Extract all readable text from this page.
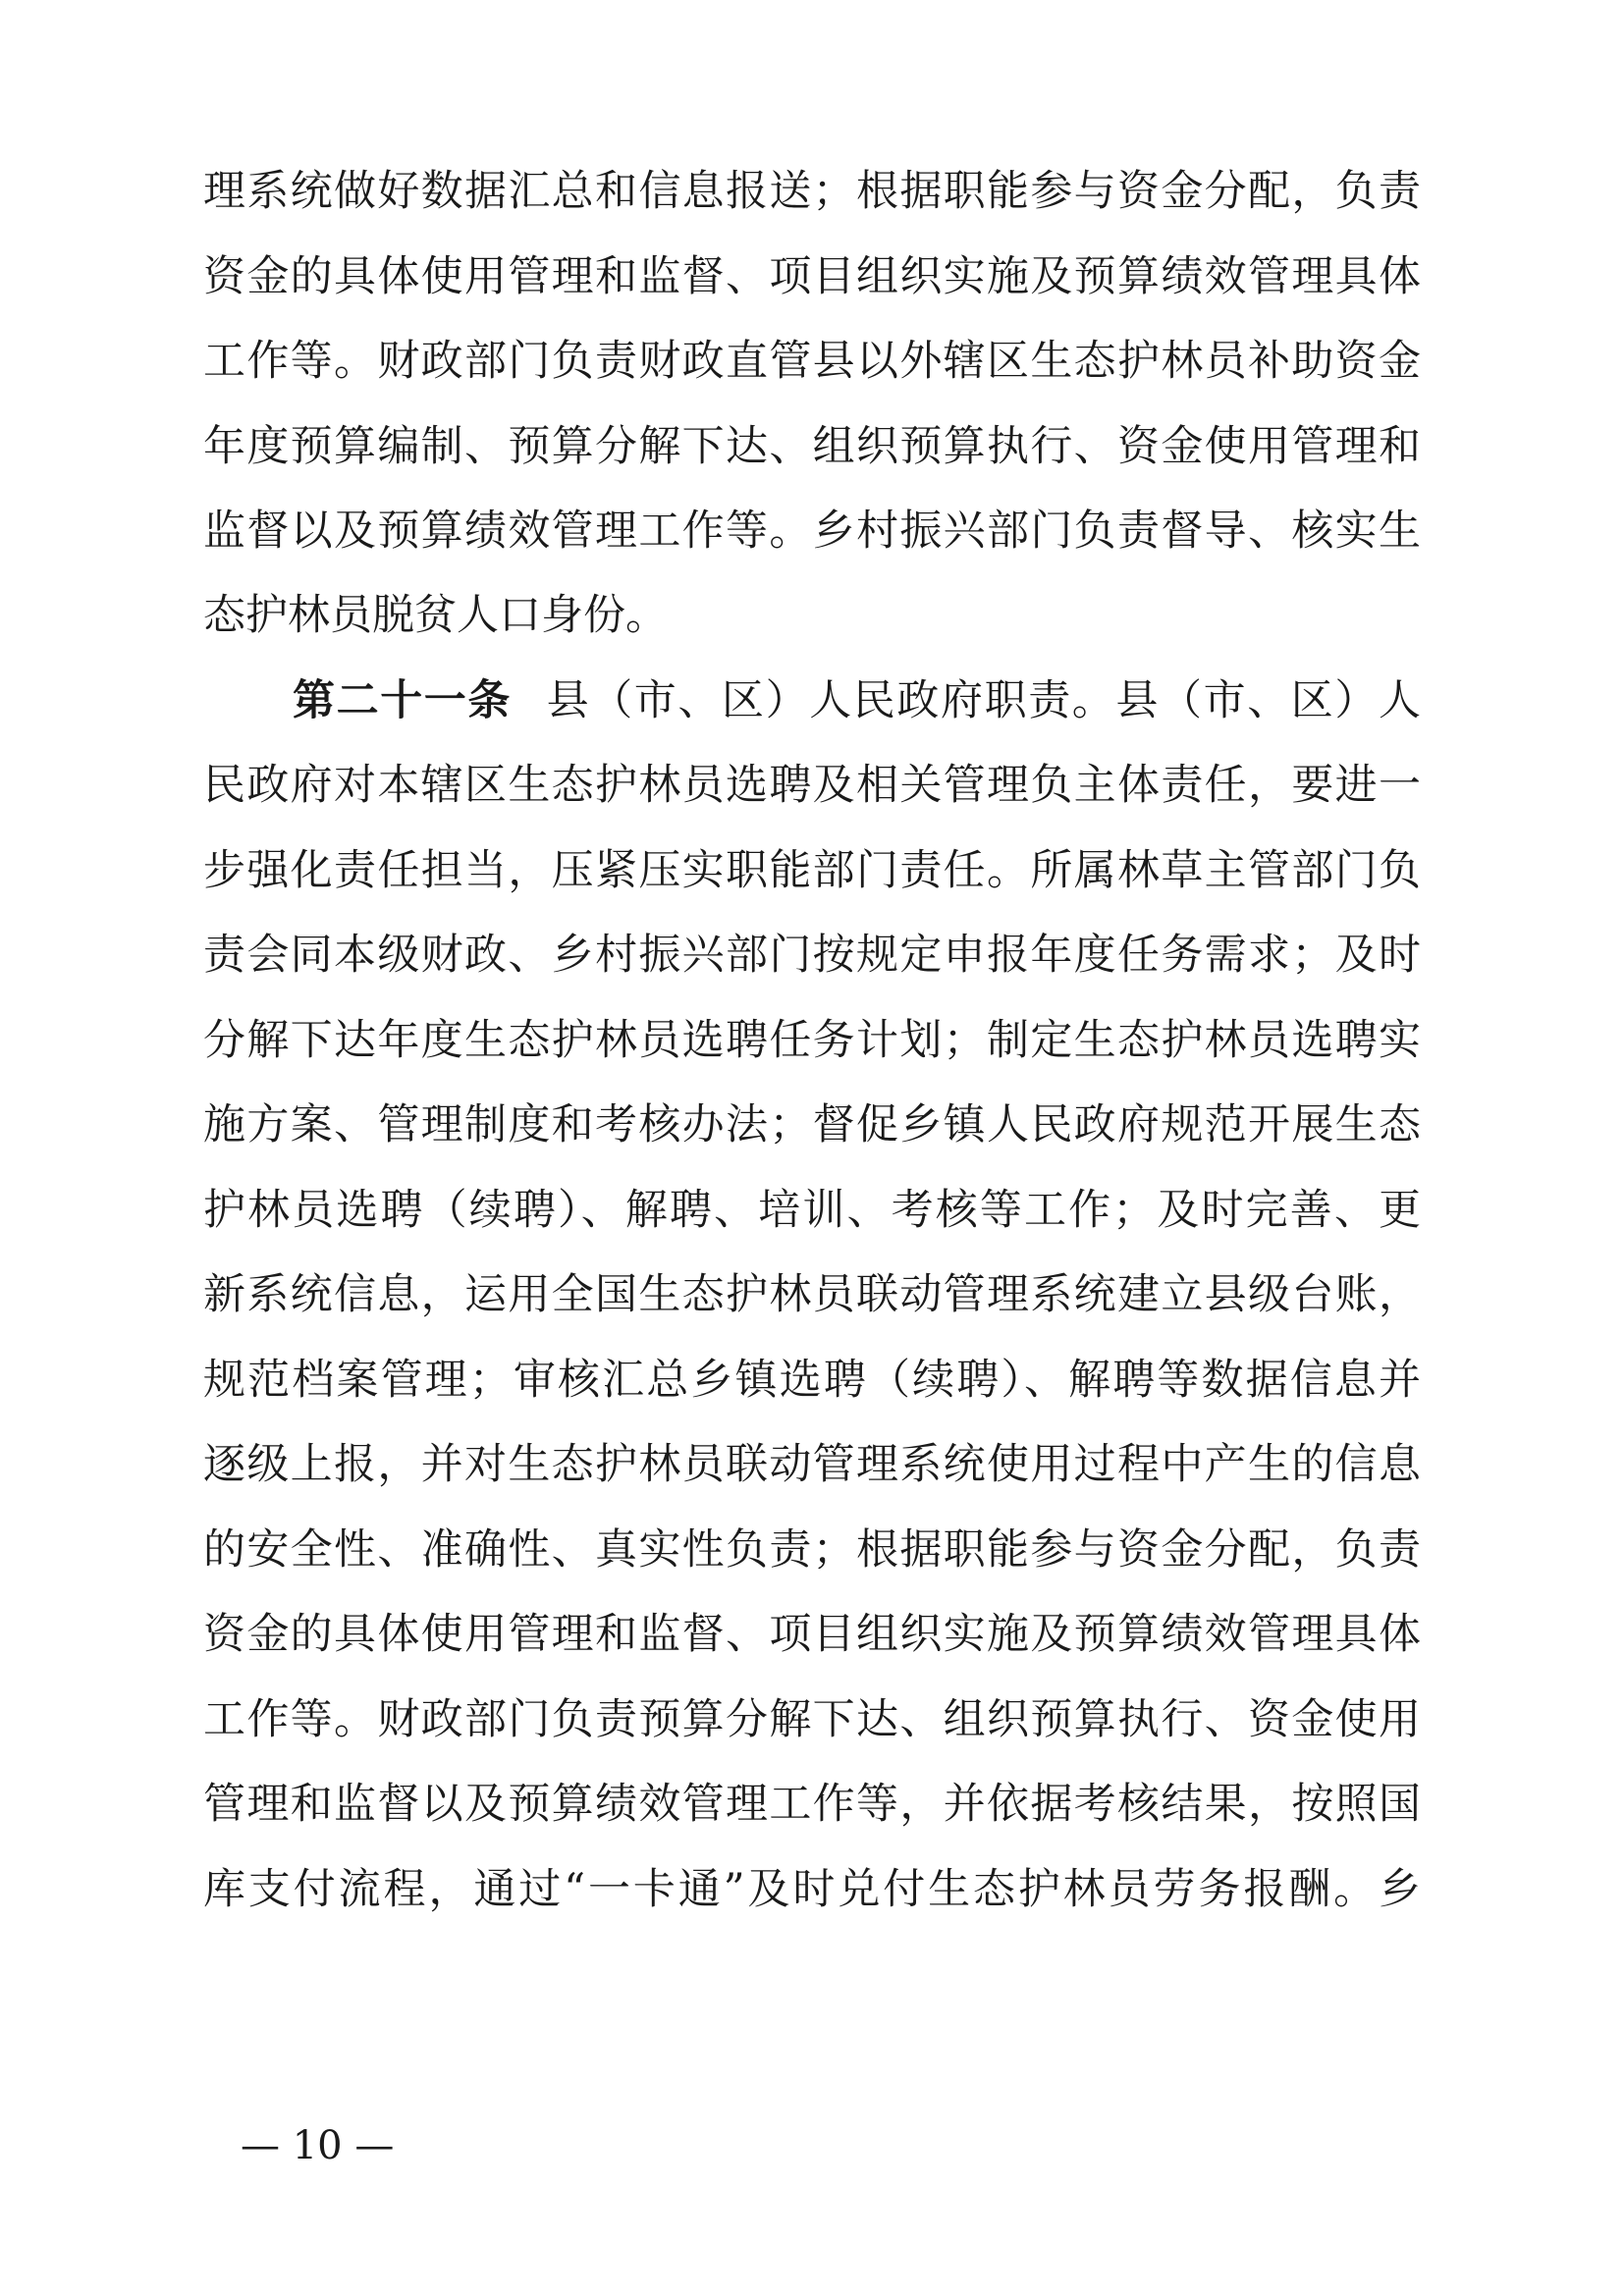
理系统做好数据汇总和信息报送；根据职能参与资金分配，负责
资金的具体使用管理和监督、项目组织实施及预算绩效管理具体
工作等。财政部门负责财政直管县以外辖区生态护林员补助资金
年度预算编制、预算分解下达、组织预算执行、资金使用管理和
监督以及预算绩效管理工作等。乡村振兴部门负责督导、核实生
态护林员脱贫人口身份。
第二十一条 县（市、区）人民政府职责。县（市、区）人
民政府对本辖区生态护林员选聘及相关管理负主体责任，要进一
步强化责任担当，压紧压实职能部门责任。所属林草主管部门负
责会同本级财政、乡村振兴部门按规定申报年度任务需求；及时
分解下达年度生态护林员选聘任务计划；制定生态护林员选聘实
施方案、管理制度和考核办法；督促乡镇人民政府规范开展生态
护林员选聘（续聘）、解聘、培训、考核等工作；及时完善、更
新系统信息，运用全国生态护林员联动管理系统建立县级台账，
规范档案管理；审核汇总乡镇选聘（续聘）、解聘等数据信息并
逐级上报，并对生态护林员联动管理系统使用过程中产生的信息
的安全性、准确性、真实性负责；根据职能参与资金分配，负责
资金的具体使用管理和监督、项目组织实施及预算绩效管理具体
工作等。财政部门负责预算分解下达、组织预算执行、资金使用
管理和监督以及预算绩效管理工作等，并依据考核结果，按照国
库支付流程，通过“一卡通”及时兑付生态护林员劳务报酬。乡
— 10 —
